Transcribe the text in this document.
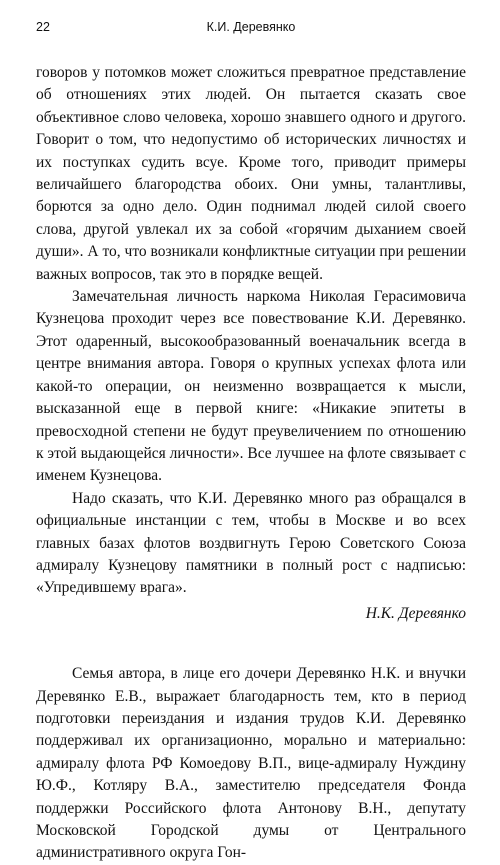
22	К.И. Деревянко

говоров у потомков может сложиться превратное представление об отношениях этих людей. Он пытается сказать свое объективное слово человека, хорошо знавшего одного и другого. Говорит о том, что недопустимо об исторических личностях и их поступках судить всуе. Кроме того, приводит примеры величайшего благородства обоих. Они умны, талантливы, борются за одно дело. Один поднимал людей силой своего слова, другой увлекал их за собой «горячим дыханием своей души». А то, что возникали конфликтные ситуации при решении важных вопросов, так это в порядке вещей.

Замечательная личность наркома Николая Герасимовича Кузнецова проходит через все повествование К.И. Деревянко. Этот одаренный, высокообразованный военачальник всегда в центре внимания автора. Говоря о крупных успехах флота или какой-то операции, он неизменно возвращается к мысли, высказанной еще в первой книге: «Никакие эпитеты в превосходной степени не будут преувеличением по отношению к этой выдающейся личности». Все лучшее на флоте связывает с именем Кузнецова.

Надо сказать, что К.И. Деревянко много раз обращался в официальные инстанции с тем, чтобы в Москве и во всех главных базах флотов воздвигнуть Герою Советского Союза адмиралу Кузнецову памятники в полный рост с надписью: «Упредившему врага».

Н.К. Деревянко

Семья автора, в лице его дочери Деревянко Н.К. и внучки Деревянко Е.В., выражает благодарность тем, кто в период подготовки переиздания и издания трудов К.И. Деревянко поддерживал их организационно, морально и материально: адмиралу флота РФ Комоедову В.П., вице-адмиралу Нуждину Ю.Ф., Котляру В.А., заместителю председателя Фонда поддержки Российского флота Антонову В.Н., депутату Московской Городской думы от Центрального административного округа Гон-
